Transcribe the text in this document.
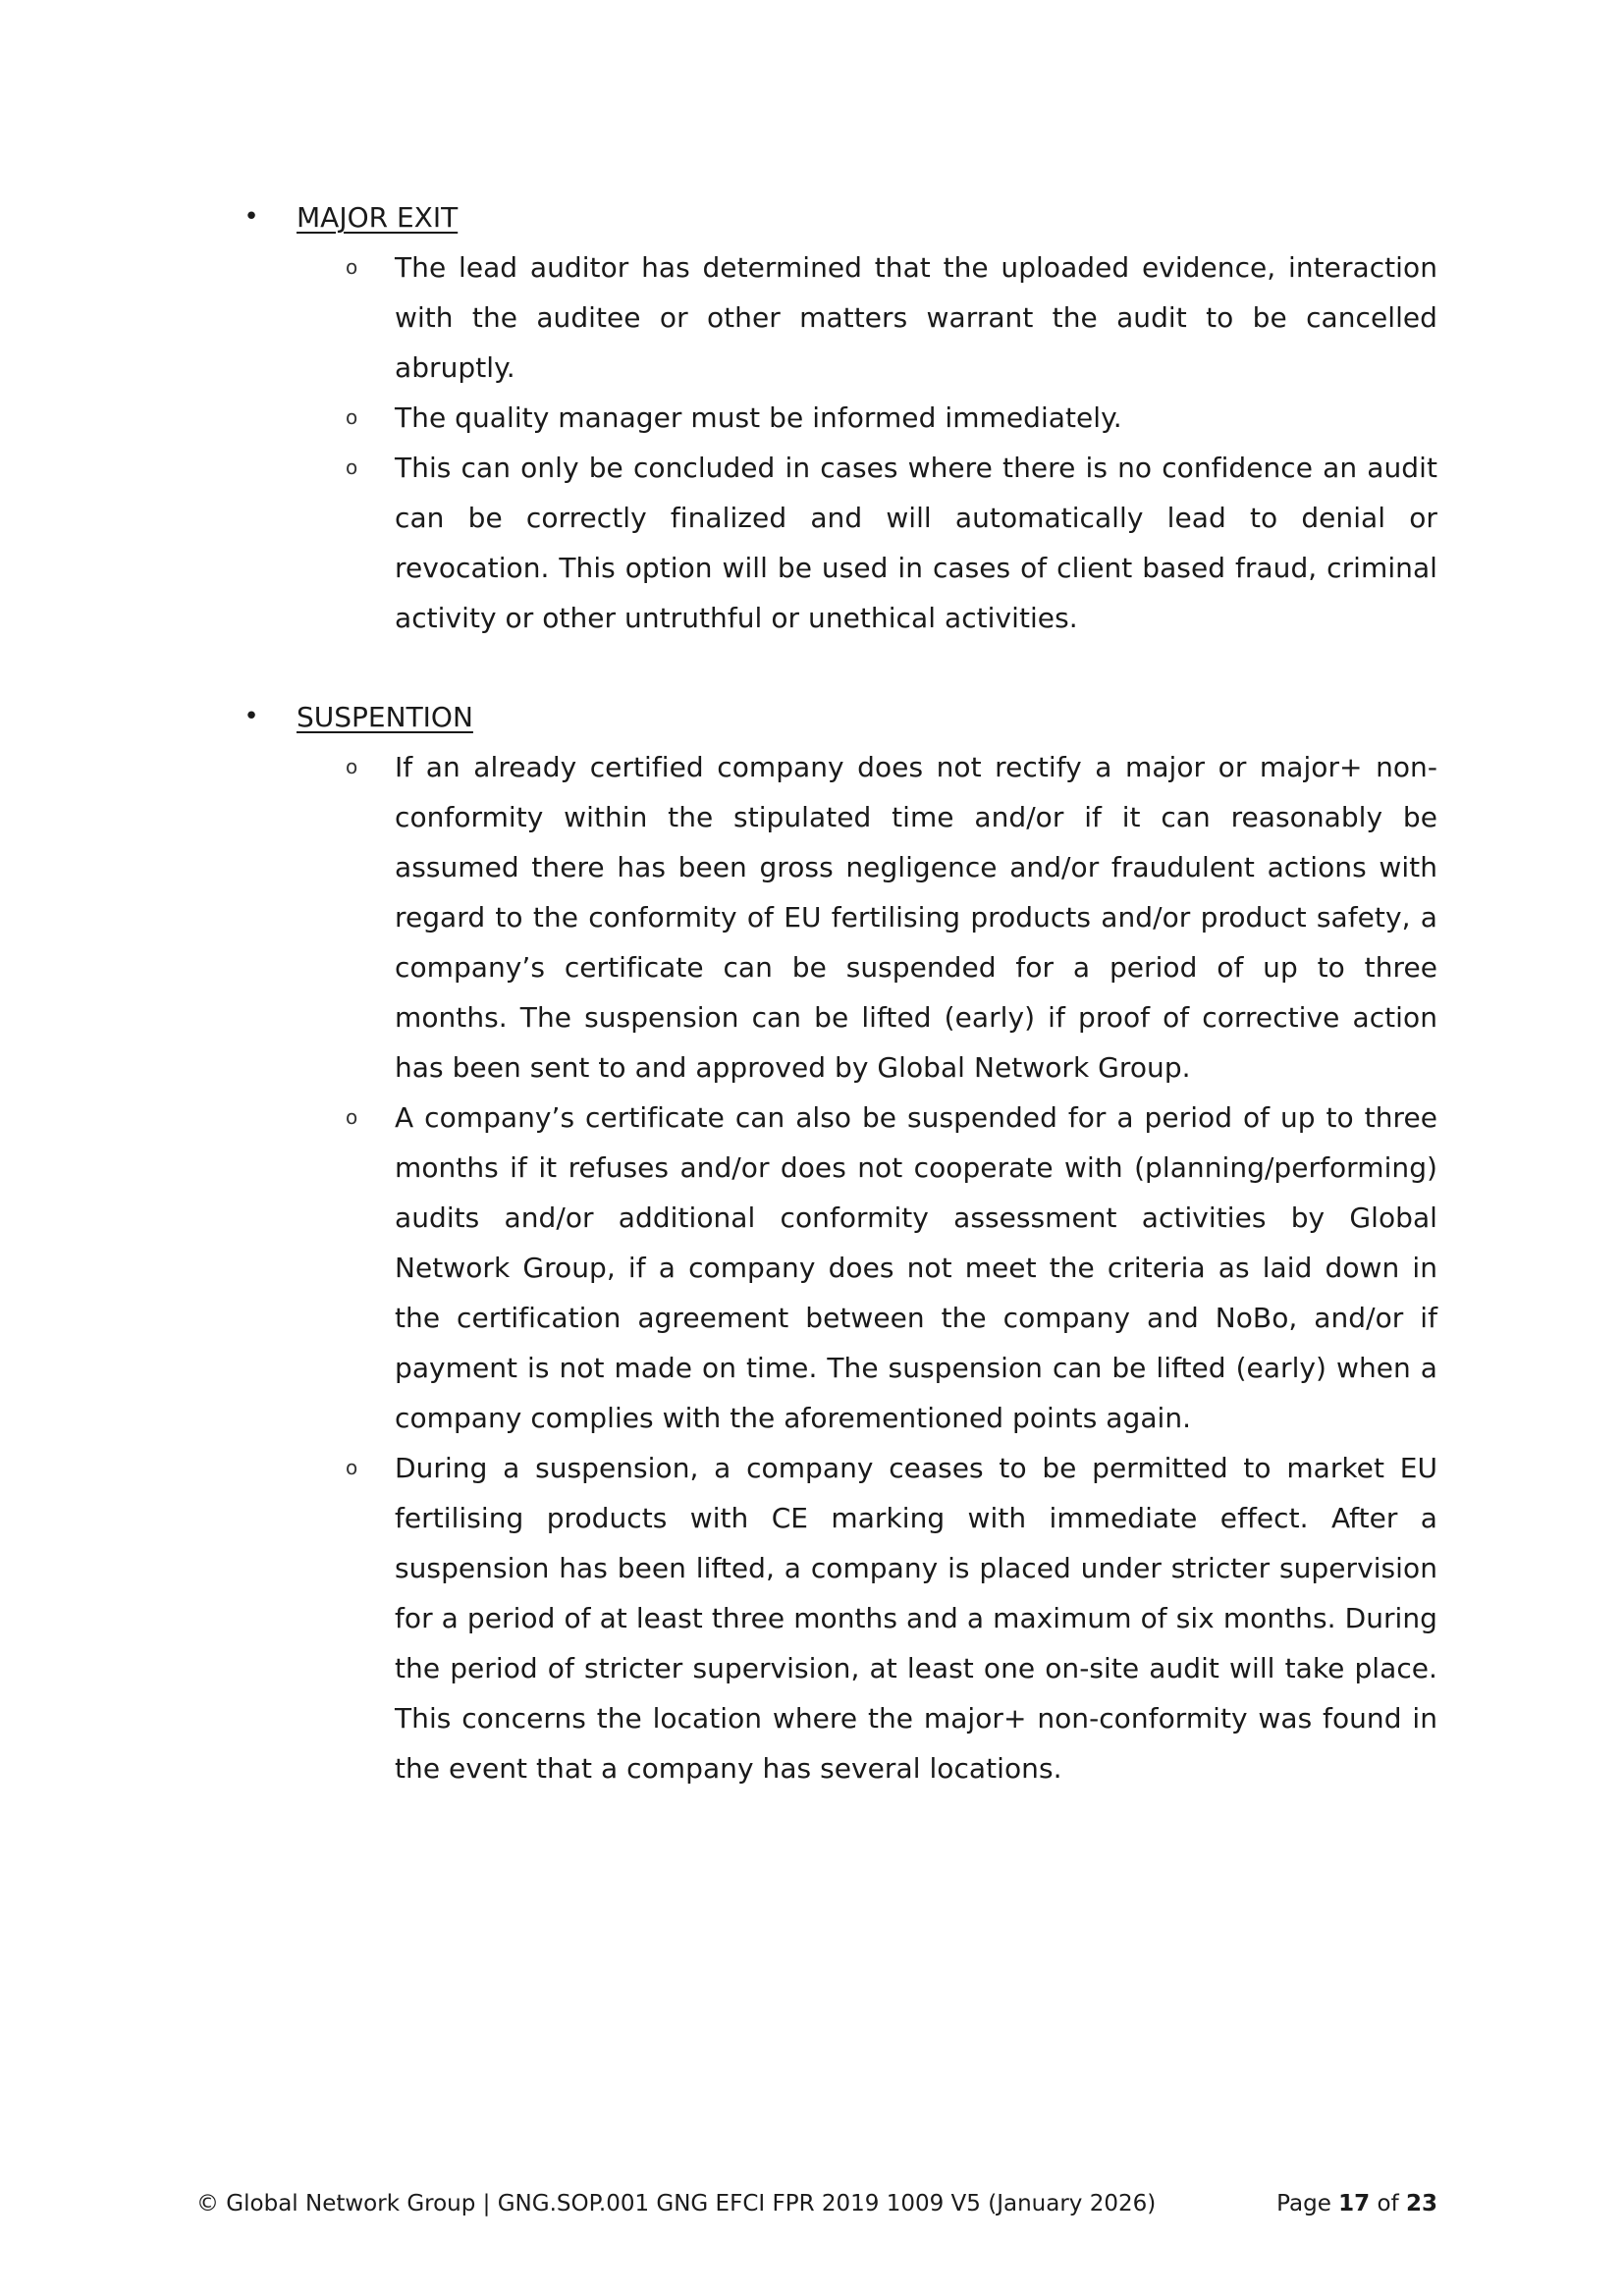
• MAJOR EXIT
o The lead auditor has determined that the uploaded evidence, interaction with the auditee or other matters warrant the audit to be cancelled abruptly.
o The quality manager must be informed immediately.
o This can only be concluded in cases where there is no confidence an audit can be correctly finalized and will automatically lead to denial or revocation. This option will be used in cases of client based fraud, criminal activity or other untruthful or unethical activities.
• SUSPENTION
o If an already certified company does not rectify a major or major+ non-conformity within the stipulated time and/or if it can reasonably be assumed there has been gross negligence and/or fraudulent actions with regard to the conformity of EU fertilising products and/or product safety, a company’s certificate can be suspended for a period of up to three months. The suspension can be lifted (early) if proof of corrective action has been sent to and approved by Global Network Group.
o A company’s certificate can also be suspended for a period of up to three months if it refuses and/or does not cooperate with (planning/performing) audits and/or additional conformity assessment activities by Global Network Group, if a company does not meet the criteria as laid down in the certification agreement between the company and NoBo, and/or if payment is not made on time. The suspension can be lifted (early) when a company complies with the aforementioned points again.
o During a suspension, a company ceases to be permitted to market EU fertilising products with CE marking with immediate effect. After a suspension has been lifted, a company is placed under stricter supervision for a period of at least three months and a maximum of six months. During the period of stricter supervision, at least one on-site audit will take place. This concerns the location where the major+ non-conformity was found in the event that a company has several locations.
© Global Network Group | GNG.SOP.001 GNG EFCI FPR 2019 1009 V5 (January 2026)	Page 17 of 23
